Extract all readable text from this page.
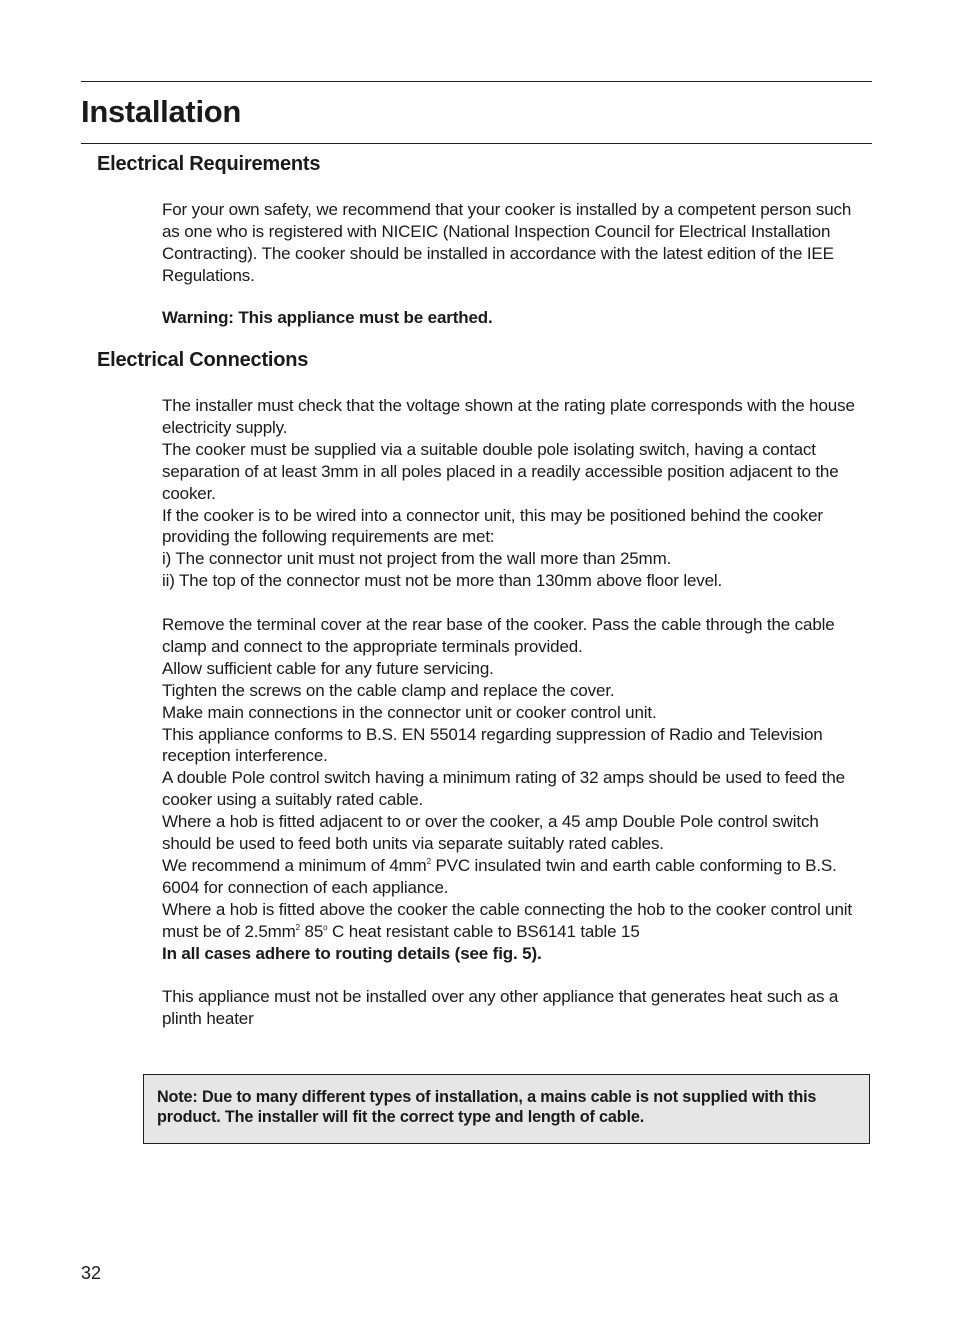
Installation
Electrical Requirements

For your own safety, we recommend that your cooker is installed by a competent person such as one who is registered with NICEIC (National Inspection Council for Electrical Installation Contracting). The cooker should be installed in accordance with the latest edition of the IEE Regulations.

Warning: This appliance must be earthed.
Electrical Connections

The installer must check that the voltage shown at the rating plate corresponds with the house electricity supply.

The cooker must be supplied via a suitable double pole isolating switch, having a contact separation of at least 3mm in all poles placed in a readily accessible position adjacent to the cooker.

If the cooker is to be wired into a connector unit, this may be positioned behind the cooker providing the following requirements are met:

i) The connector unit must not project from the wall more than 25mm.

ii) The top of the connector must not be more than 130mm above floor level.

Remove the terminal cover at the rear base of the cooker. Pass the cable through the cable clamp and connect to the appropriate terminals provided.

Allow sufficient cable for any future servicing.

Tighten the screws on the cable clamp and replace the cover.

Make main connections in the connector unit or cooker control unit.

This appliance conforms to B.S. EN 55014 regarding suppression of Radio and Television reception interference.

A double Pole control switch having a minimum rating of 32 amps should be used to feed the cooker using a suitably rated cable.

Where a hob is fitted adjacent to or over the cooker, a 45 amp Double Pole control switch should be used to feed both units via separate suitably rated cables.

We recommend a minimum of $4mm^2$ PVC insulated twin and earth cable conforming to B.S. 6004 for connection of each appliance.

Where a hob is fitted above the cooker the cable connecting the hob to the cooker control unit must be of $2.5mm^2$ 85$^o$ C heat resistant cable to BS6141 table 15

In all cases adhere to routing details (see fig. 5).

This appliance must not be installed over any other appliance that generates heat such as a plinth heater

Note: Due to many different types of installation, a mains cable is not supplied with this product. The installer will fit the correct type and length of cable.
32
